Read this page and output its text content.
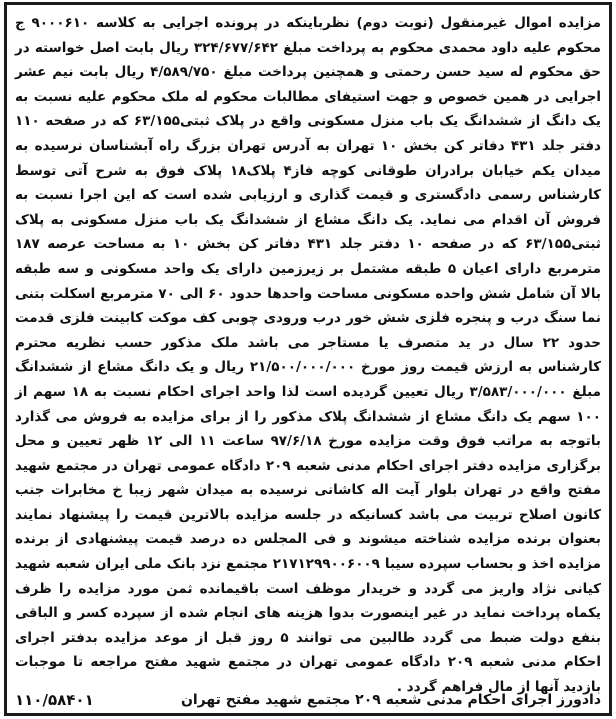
مزایده اموال غیرمنقول (نوبت دوم) نظرباینکه در پرونده اجرایی به کلاسه ۹۰۰۰۶۱۰ ج محکوم علیه داود محمدی محکوم به پرداخت مبلغ ۳۲۴/۶۷۷/۶۴۲ ریال بابت اصل خواسته در حق محکوم له سید حسن رحمتی و همچنین پرداخت مبلغ ۴/۵۸۹/۷۵۰ ریال بابت نیم عشر اجرایی در همین خصوص و جهت استیفای مطالبات محکوم له ملک محکوم علیه نسبت به یک دانگ از ششدانگ یک باب منزل مسکونی واقع در پلاک ثبتی۶۳/۱۵۵ که در صفحه ۱۱۰ دفتر جلد ۴۳۱ دفاتر کن بخش ۱۰ تهران به آدرس تهران بزرگ راه آبشناسان نرسیده به میدان یکم خیابان برادران طوقانی کوچه فاز۴ پلاک۱۸ پلاک فوق به شرح آتی توسط کارشناس رسمی دادگستری و قیمت گذاری و ارزیابی شده است که این اجرا نسبت به فروش آن اقدام می نماید. یک دانگ مشاع از ششدانگ یک باب منزل مسکونی به پلاک ثبتی۶۳/۱۵۵ که در صفحه ۱۰ دفتر جلد ۴۳۱ دفاتر کن بخش ۱۰ به مساحت عرصه ۱۸۷ مترمربع دارای اعیان ۵ طبقه مشتمل بر زیرزمین دارای یک واحد مسکونی و سه طبقه بالا آن شامل شش واحده مسکونی مساحت واحدها حدود ۶۰ الی ۷۰ مترمربع اسکلت بتنی نما سنگ درب و پنجره فلزی شش خور درب ورودی چوبی کف موکت کابینت فلزی قدمت حدود ۲۲ سال در ید متصرف یا مستاجر می باشد ملک مذکور حسب نظریه محترم کارشناس به ارزش قیمت روز مورخ ۲۱/۵۰۰/۰۰۰/۰۰۰ ریال و یک دانگ مشاع از ششدانگ مبلغ ۳/۵۸۳/۰۰۰/۰۰۰ ریال تعیین گردیده است لذا واحد اجرای احکام نسبت به ۱۸ سهم از ۱۰۰ سهم یک دانگ مشاع از ششدانگ پلاک مذکور را از برای مزایده به فروش می گذارد باتوجه به مراتب فوق وقت مزایده مورخ ۹۷/۶/۱۸ ساعت ۱۱ الی ۱۲ ظهر تعیین و محل برگزاری مزایده دفتر اجرای احکام مدنی شعبه ۲۰۹ دادگاه عمومی تهران در مجتمع شهید مفتح واقع در تهران بلوار آیت اله کاشانی نرسیده به میدان شهر زیبا خ مخابرات جنب کانون اصلاح تربیت می باشد کسانیکه در جلسه مزایده بالاترین قیمت را پیشنهاد نمایند بعنوان برنده مزایده شناخته میشوند و فی المجلس ده درصد قیمت پیشنهادی از برنده مزایده اخذ و بحساب سپرده سیبا ۲۱۷۱۲۹۹۰۰۶۰۰۹ مجتمع نزد بانک ملی ایران شعبه شهید کیانی نژاد واریز می گردد و خریدار موظف است باقیمانده ثمن مورد مزایده را ظرف یکماه پرداخت نماید در غیر اینصورت بدوا هزینه های انجام شده از سپرده کسر و الباقی بنفع دولت ضبط می گردد طالبین می توانند ۵ روز قبل از موعد مزایده بدفتر اجرای احکام مدنی شعبه ۲۰۹ دادگاه عمومی تهران در مجتمع شهید مفتح مراجعه تا موجبات بازدید آنها از مال فراهم گردد .

دادورز اجرای احکام مدنی شعبه ۲۰۹ مجتمع شهید مفتح تهران
۱۱۰/۵۸۴۰۱
